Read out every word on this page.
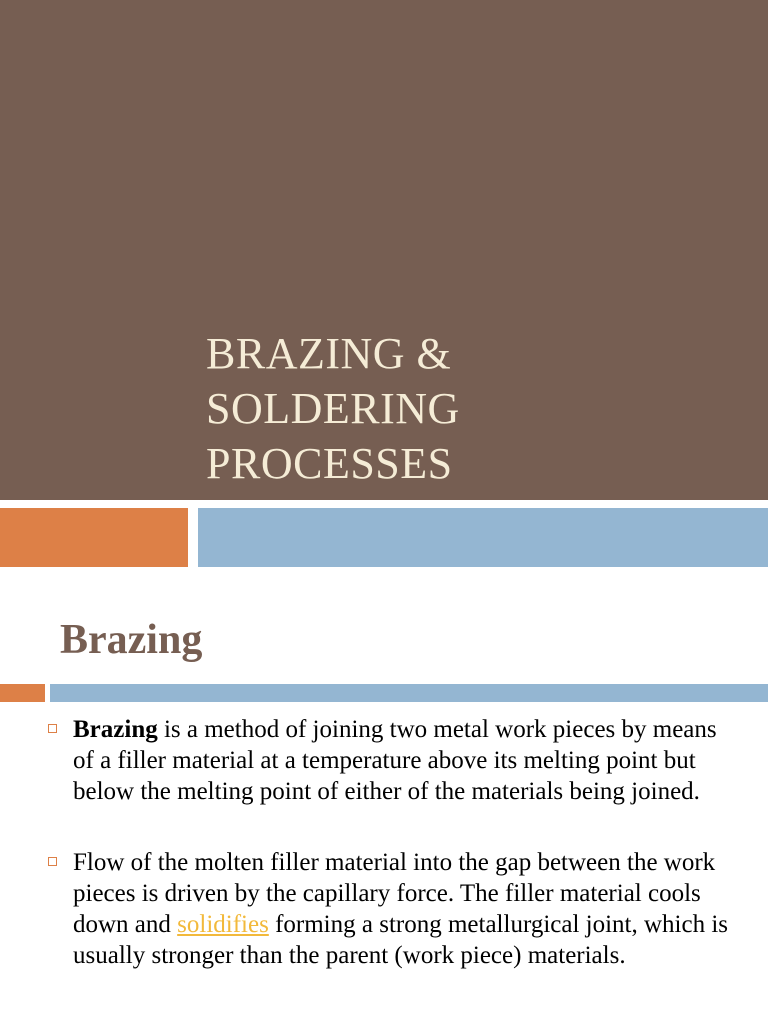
BRAZING &
SOLDERING
PROCESSES
Brazing
Brazing is a method of joining two metal work pieces by means of a filler material at a temperature above its melting point but below the melting point of either of the materials being joined.
Flow of the molten filler material into the gap between the work pieces is driven by the capillary force. The filler material cools down and solidifies forming a strong metallurgical joint, which is usually stronger than the parent (work piece) materials.
